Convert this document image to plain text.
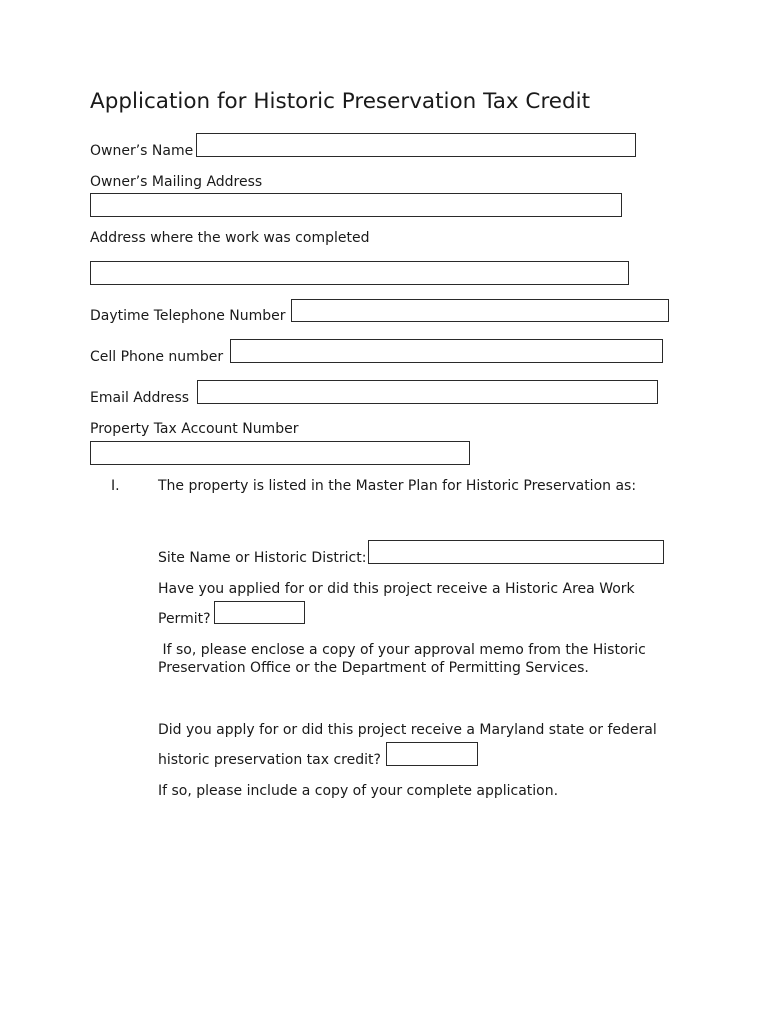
Application for Historic Preservation Tax Credit
Owner’s Name
Owner’s Mailing Address
Address where the work was completed
Daytime Telephone Number
Cell Phone number
Email Address
Property Tax Account Number
I.	The property is listed in the Master Plan for Historic Preservation as:
Site Name or Historic District:
Have you applied for or did this project receive a Historic Area Work
Permit?
If so, please enclose a copy of your approval memo from the Historic
Preservation Office or the Department of Permitting Services.
Did you apply for or did this project receive a Maryland state or federal
historic preservation tax credit?
If so, please include a copy of your complete application.
